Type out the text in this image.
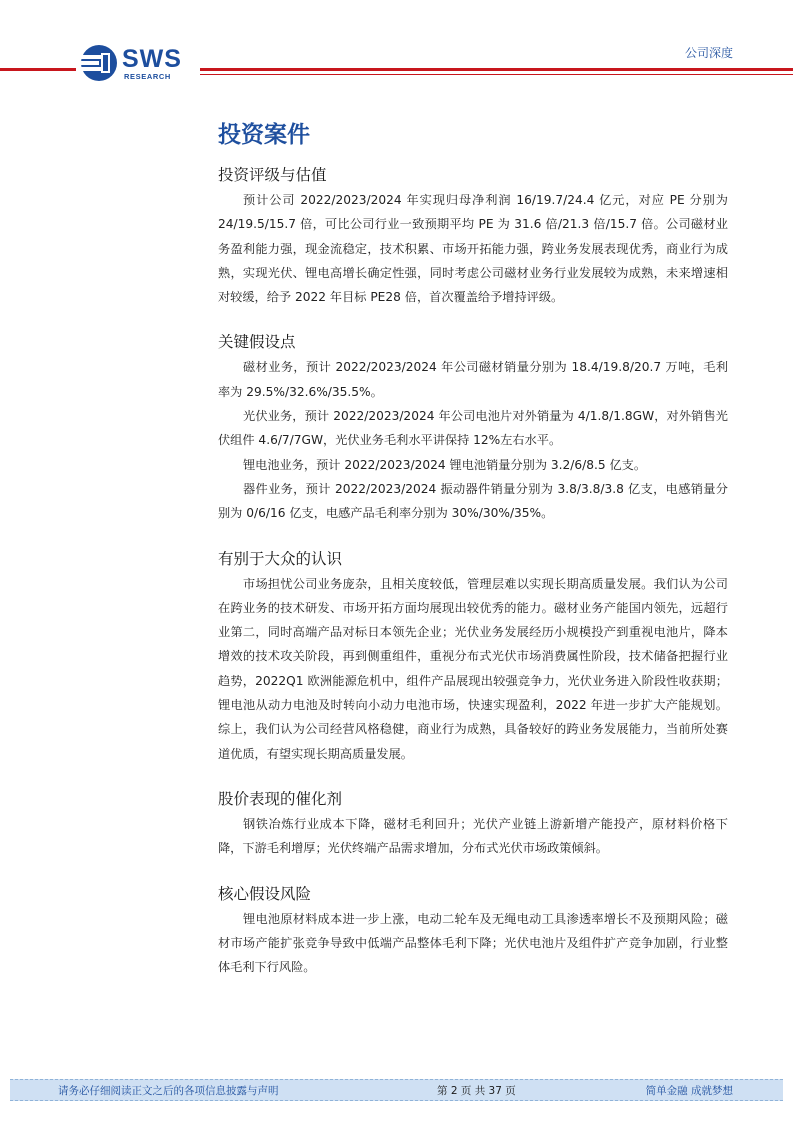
SWS
RESEARCH
公司深度
投资案件
投资评级与估值

预计公司 2022/2023/2024 年实现归母净利润 16/19.7/24.4 亿元，对应 PE 分别为 24/19.5/15.7 倍，可比公司行业一致预期平均 PE 为 31.6 倍/21.3 倍/15.7 倍。公司磁材业务盈利能力强，现金流稳定，技术积累、市场开拓能力强，跨业务发展表现优秀，商业行为成熟，实现光伏、锂电高增长确定性强，同时考虑公司磁材业务行业发展较为成熟，未来增速相对较缓，给予 2022 年目标 PE28 倍，首次覆盖给予增持评级。

关键假设点

磁材业务，预计 2022/2023/2024 年公司磁材销量分别为 18.4/19.8/20.7 万吨，毛利率为 29.5%/32.6%/35.5%。

光伏业务，预计 2022/2023/2024 年公司电池片对外销量为 4/1.8/1.8GW，对外销售光伏组件 4.6/7/7GW，光伏业务毛利水平讲保持 12%左右水平。

锂电池业务，预计 2022/2023/2024 锂电池销量分别为 3.2/6/8.5 亿支。

器件业务，预计 2022/2023/2024 振动器件销量分别为 3.8/3.8/3.8 亿支，电感销量分别为 0/6/16 亿支，电感产品毛利率分别为 30%/30%/35%。

有别于大众的认识

市场担忧公司业务庞杂，且相关度较低，管理层难以实现长期高质量发展。我们认为公司在跨业务的技术研发、市场开拓方面均展现出较优秀的能力。磁材业务产能国内领先，远超行业第二，同时高端产品对标日本领先企业；光伏业务发展经历小规模投产到重视电池片，降本增效的技术攻关阶段，再到侧重组件，重视分布式光伏市场消费属性阶段，技术储备把握行业趋势，2022Q1 欧洲能源危机中，组件产品展现出较强竞争力，光伏业务进入阶段性收获期；锂电池从动力电池及时转向小动力电池市场，快速实现盈利，2022 年进一步扩大产能规划。综上，我们认为公司经营风格稳健，商业行为成熟，具备较好的跨业务发展能力，当前所处赛道优质，有望实现长期高质量发展。

股价表现的催化剂

钢铁冶炼行业成本下降，磁材毛利回升；光伏产业链上游新增产能投产，原材料价格下降，下游毛利增厚；光伏终端产品需求增加，分布式光伏市场政策倾斜。

核心假设风险

锂电池原材料成本进一步上涨，电动二轮车及无绳电动工具渗透率增长不及预期风险；磁材市场产能扩张竞争导致中低端产品整体毛利下降；光伏电池片及组件扩产竞争加剧，行业整体毛利下行风险。

请务必仔细阅读正文之后的各项信息披露与声明	第 2 页 共 37 页	简单金融 成就梦想
